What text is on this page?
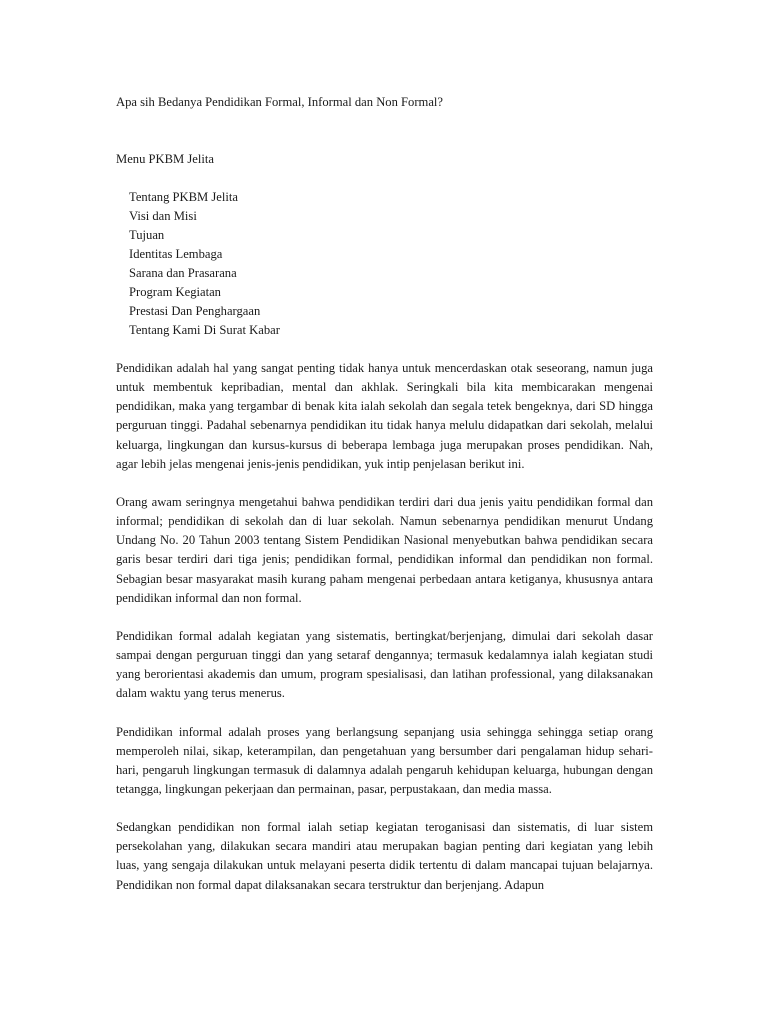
Apa sih Bedanya Pendidikan Formal, Informal dan Non Formal?

Menu PKBM Jelita

Tentang PKBM Jelita
Visi dan Misi
Tujuan
Identitas Lembaga
Sarana dan Prasarana
Program Kegiatan
Prestasi Dan Penghargaan
Tentang Kami Di Surat Kabar

Pendidikan adalah hal yang sangat penting tidak hanya untuk mencerdaskan otak seseorang, namun juga untuk membentuk kepribadian, mental dan akhlak. Seringkali bila kita membicarakan mengenai pendidikan, maka yang tergambar di benak kita ialah sekolah dan segala tetek bengeknya, dari SD hingga perguruan tinggi. Padahal sebenarnya pendidikan itu tidak hanya melulu didapatkan dari sekolah, melalui keluarga, lingkungan dan kursus-kursus di beberapa lembaga juga merupakan proses pendidikan. Nah, agar lebih jelas mengenai jenis-jenis pendidikan, yuk intip penjelasan berikut ini.

Orang awam seringnya mengetahui bahwa pendidikan terdiri dari dua jenis yaitu pendidikan formal dan informal; pendidikan di sekolah dan di luar sekolah. Namun sebenarnya pendidikan menurut Undang Undang No. 20 Tahun 2003 tentang Sistem Pendidikan Nasional menyebutkan bahwa pendidikan secara garis besar terdiri dari tiga jenis; pendidikan formal, pendidikan informal dan pendidikan non formal. Sebagian besar masyarakat masih kurang paham mengenai perbedaan antara ketiganya, khususnya antara pendidikan informal dan non formal.

Pendidikan formal adalah kegiatan yang sistematis, bertingkat/berjenjang, dimulai dari sekolah dasar sampai dengan perguruan tinggi dan yang setaraf dengannya; termasuk kedalamnya ialah kegiatan studi yang berorientasi akademis dan umum, program spesialisasi, dan latihan professional, yang dilaksanakan dalam waktu yang terus menerus.

Pendidikan informal adalah proses yang berlangsung sepanjang usia sehingga sehingga setiap orang memperoleh nilai, sikap, keterampilan, dan pengetahuan yang bersumber dari pengalaman hidup sehari-hari, pengaruh lingkungan termasuk di dalamnya adalah pengaruh kehidupan keluarga, hubungan dengan tetangga, lingkungan pekerjaan dan permainan, pasar, perpustakaan, dan media massa.

Sedangkan pendidikan non formal ialah setiap kegiatan teroganisasi dan sistematis, di luar sistem persekolahan yang, dilakukan secara mandiri atau merupakan bagian penting dari kegiatan yang lebih luas, yang sengaja dilakukan untuk melayani peserta didik tertentu di dalam mancapai tujuan belajarnya. Pendidikan non formal dapat dilaksanakan secara terstruktur dan berjenjang. Adapun
